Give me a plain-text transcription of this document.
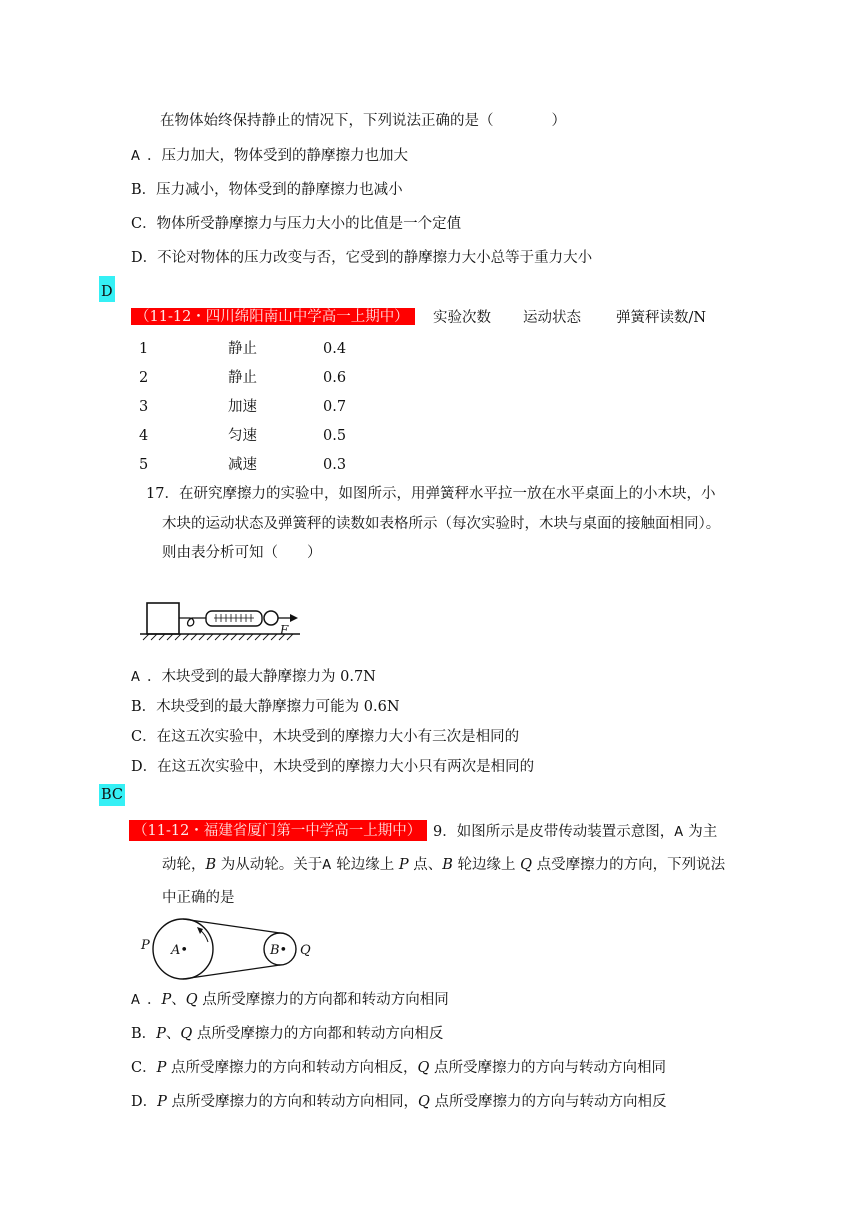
在物体始终保持静止的情况下，下列说法正确的是（　　　　）
A ．压力加大，物体受到的静摩擦力也加大
B．压力减小，物体受到的静摩擦力也减小
C．物体所受静摩擦力与压力大小的比值是一个定值
D．不论对物体的压力改变与否，它受到的静摩擦力大小总等于重力大小
D
（11-12・四川绵阳南山中学高一上期中）	实验次数 运动状态 弹簧秤读数/N
1	静止	0.4
2	静止	0.6
3	加速	0.7
4	匀速	0.5
5	减速	0.3
17．在研究摩擦力的实验中，如图所示，用弹簧秤水平拉一放在水平桌面上的小木块，小
木块的运动状态及弹簧秤的读数如表格所示（每次实验时，木块与桌面的接触面相同）。
则由表分析可知（　　）
F
A ．木块受到的最大静摩擦力为 0.7N
B．木块受到的最大静摩擦力可能为 0.6N
C．在这五次实验中，木块受到的摩擦力大小有三次是相同的
D．在这五次实验中，木块受到的摩擦力大小只有两次是相同的
BC
（11-12・福建省厦门第一中学高一上期中） 9．如图所示是皮带传动装置示意图，A 为主
动轮，B 为从动轮。关于A 轮边缘上 P 点、B 轮边缘上 Q 点受摩擦力的方向，下列说法
中正确的是
P A•	B• Q
A ．P、Q 点所受摩擦力的方向都和转动方向相同
B．P、Q 点所受摩擦力的方向都和转动方向相反
C．P 点所受摩擦力的方向和转动方向相反，Q 点所受摩擦力的方向与转动方向相同
D．P 点所受摩擦力的方向和转动方向相同，Q 点所受摩擦力的方向与转动方向相反
